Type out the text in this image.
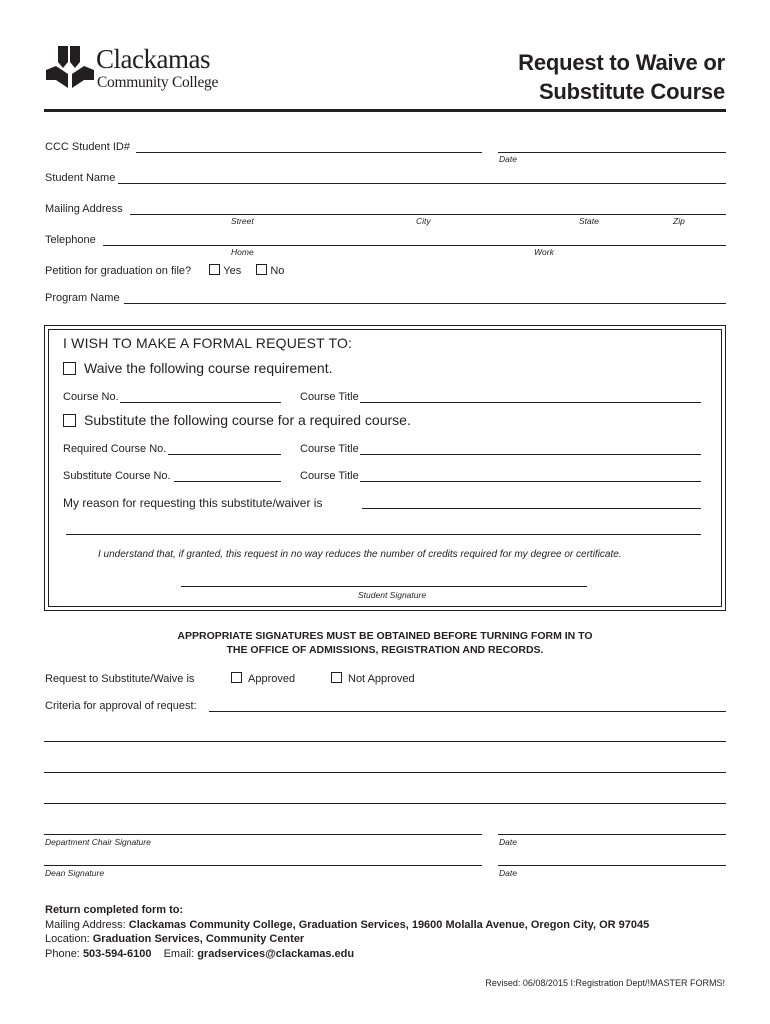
Clackamas
Community College
Request to Waive or
Substitute Course
CCC Student ID#
Date
Student Name
Mailing Address
Street	City	State	Zip
Telephone
Home	Work
Petition for graduation on file?	Yes	No
Program Name
I WISH TO MAKE A FORMAL REQUEST TO:
Waive the following course requirement.
Course No.	Course Title
Substitute the following course for a required course.
Required Course No.	Course Title
Substitute Course No.	Course Title
My reason for requesting this substitute/waiver is
I understand that, if granted, this request in no way reduces the number of credits required for my degree or certificate.
Student Signature
APPROPRIATE SIGNATURES MUST BE OBTAINED BEFORE TURNING FORM IN TO
THE OFFICE OF ADMISSIONS, REGISTRATION AND RECORDS.
Request to Substitute/Waive is	Approved	Not Approved
Criteria for approval of request:
Department Chair Signature	Date
Dean Signature	Date
Return completed form to:
Mailing Address: Clackamas Community College, Graduation Services, 19600 Molalla Avenue, Oregon City, OR 97045
Location: Graduation Services, Community Center
Phone: 503-594-6100 Email: gradservices@clackamas.edu
Revised: 06/08/2015 I:Registration Dept/!MASTER FORMS!
